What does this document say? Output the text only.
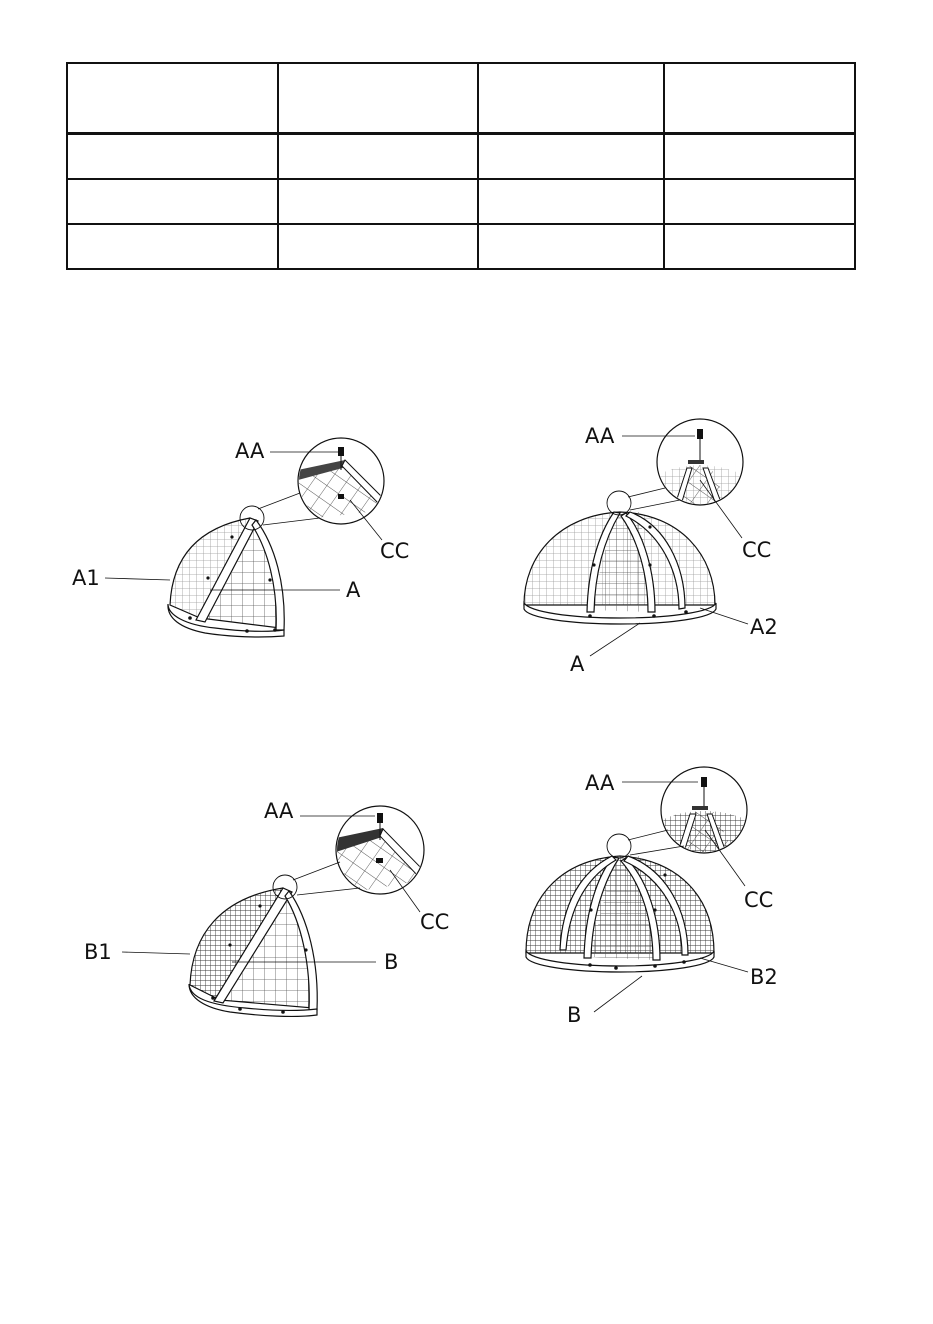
AA
CC
A1	A
AA
CC
A2
A
AA
CC
B1	B
AA
CC
B2
B
